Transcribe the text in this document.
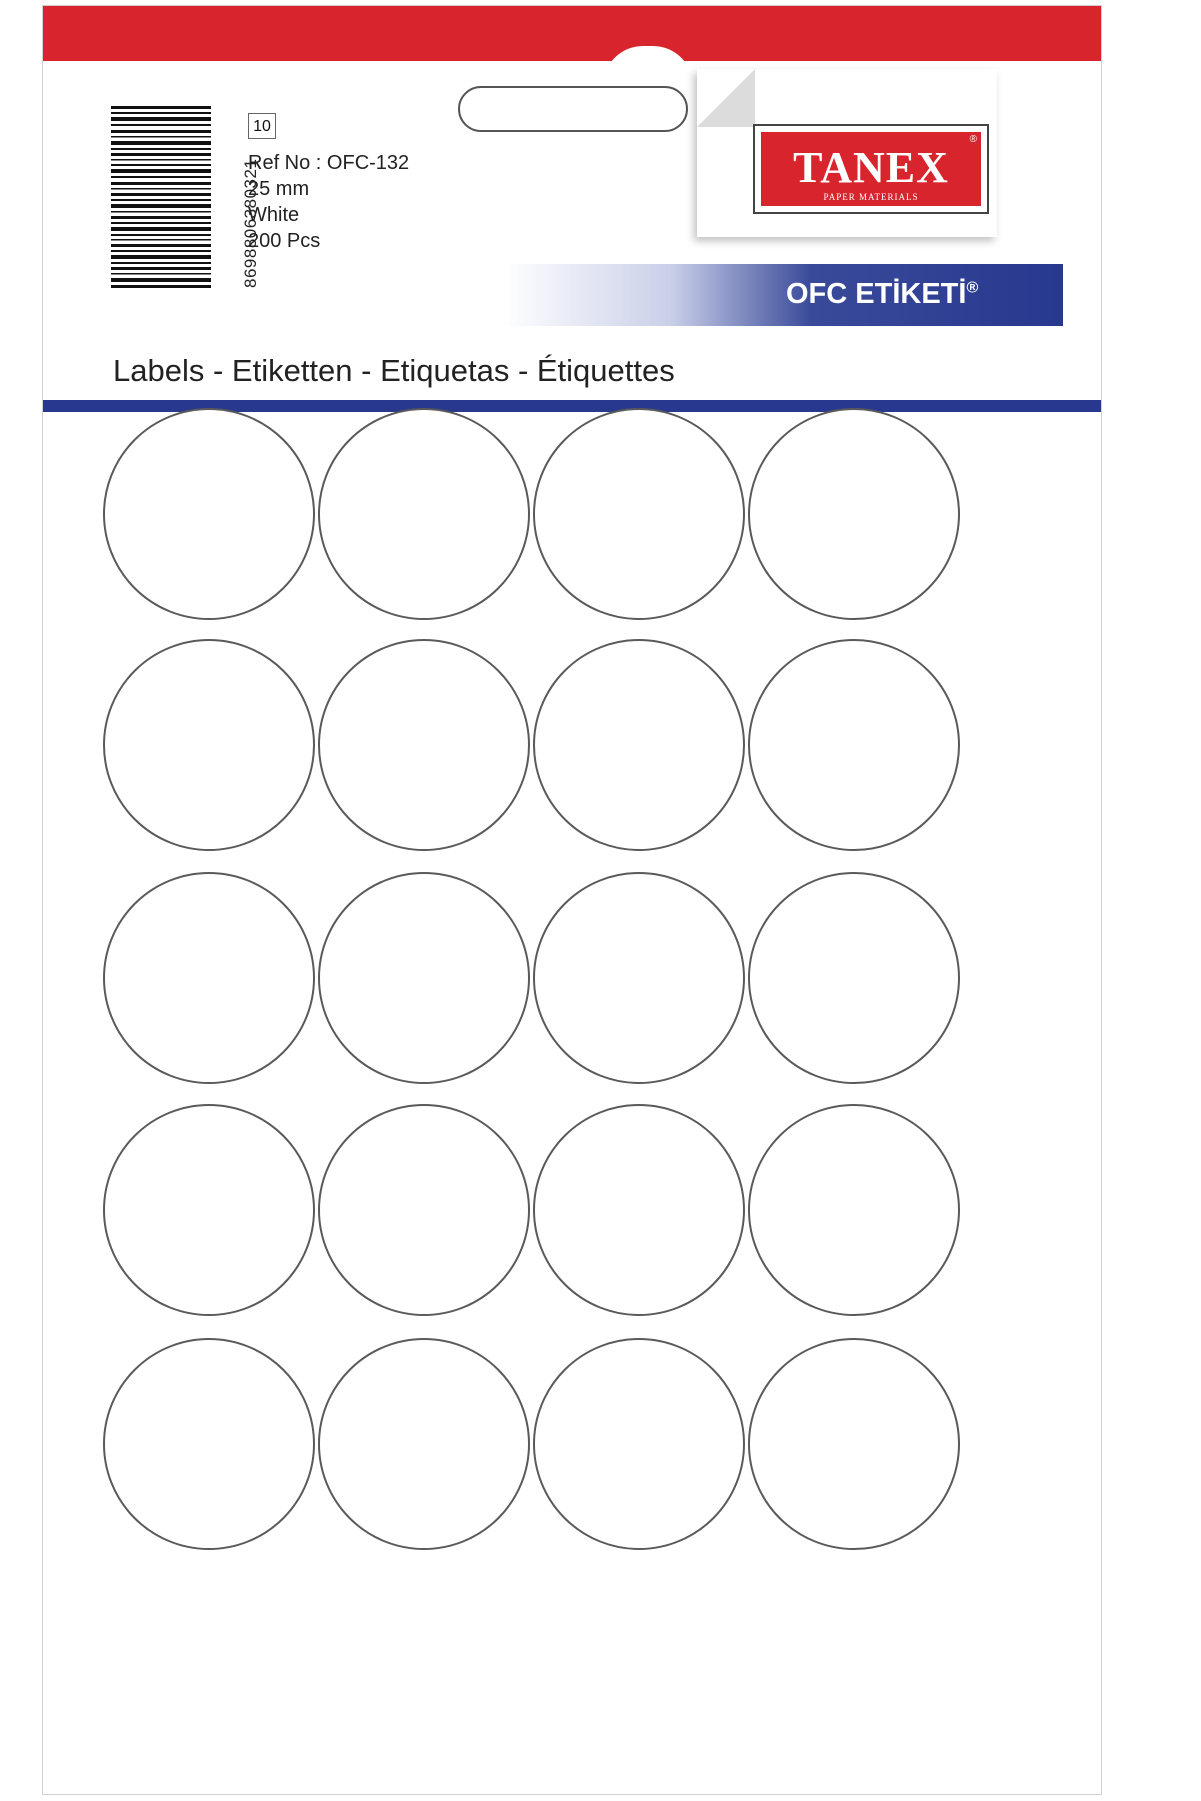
8698806380321
10
Ref No : OFC-132
25 mm
White
200 Pcs
TANEX
PAPER MATERIALS
®
OFC ETİKETİ®
Labels - Etiketten - Etiquetas - Étiquettes
